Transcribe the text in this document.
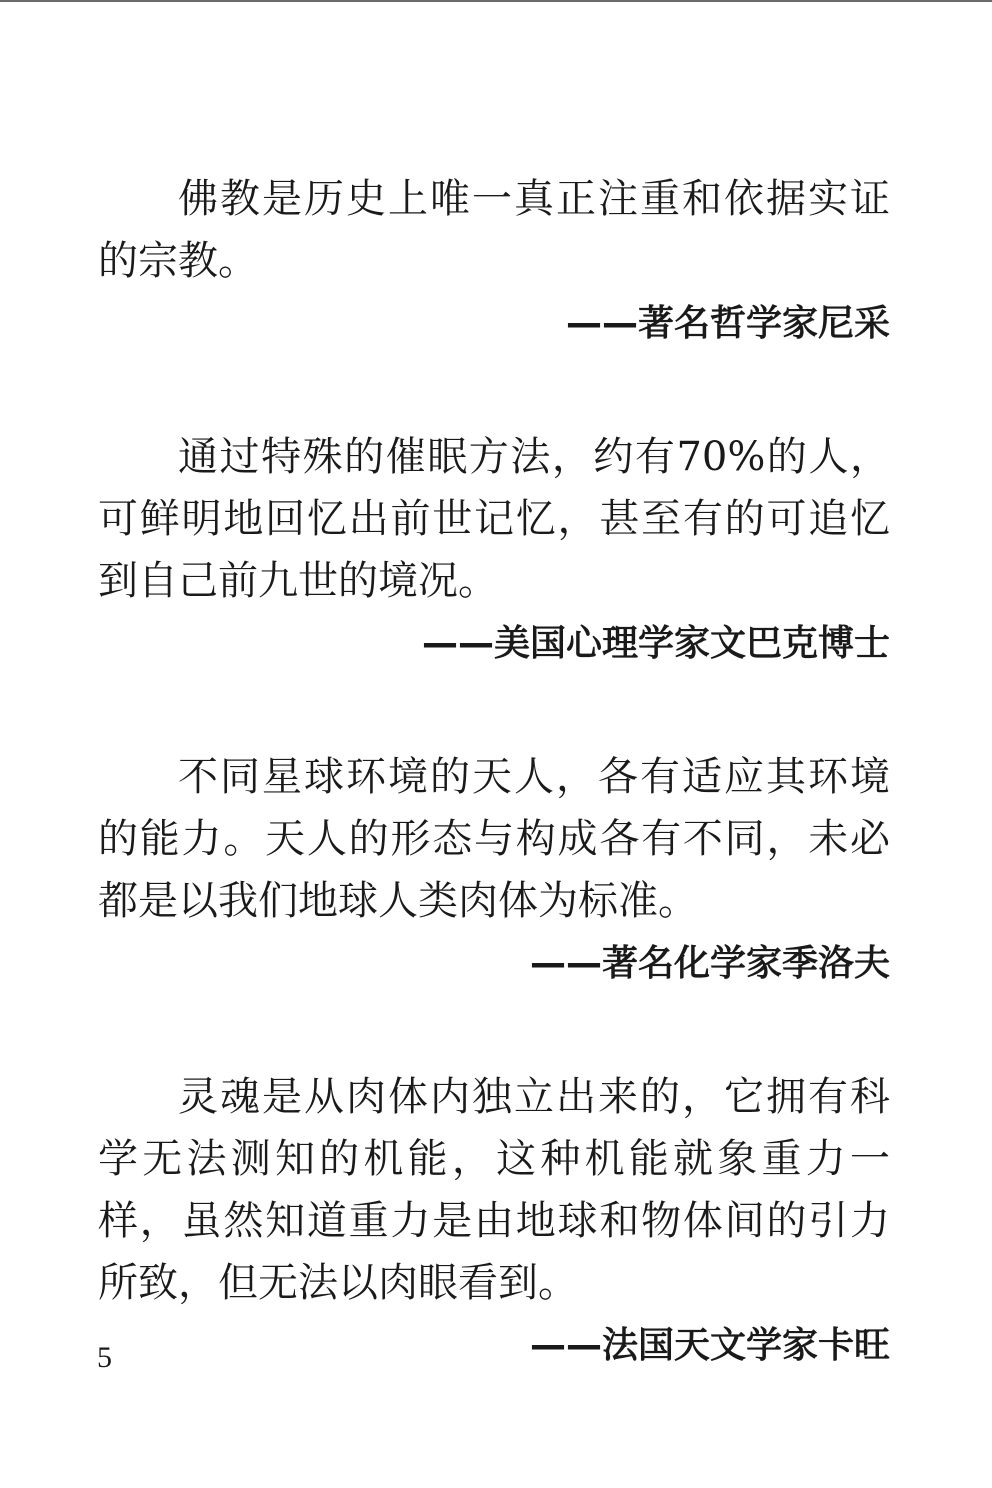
佛教是历史上唯一真正注重和依据实证的宗教。

——著名哲学家尼采

通过特殊的催眠方法，约有70%的人，可鲜明地回忆出前世记忆，甚至有的可追忆到自己前九世的境况。

——美国心理学家文巴克博士

不同星球环境的天人，各有适应其环境的能力。天人的形态与构成各有不同，未必都是以我们地球人类肉体为标准。

——著名化学家季洛夫

灵魂是从肉体内独立出来的，它拥有科学无法测知的机能，这种机能就象重力一样，虽然知道重力是由地球和物体间的引力所致，但无法以肉眼看到。

——法国天文学家卡旺

5
